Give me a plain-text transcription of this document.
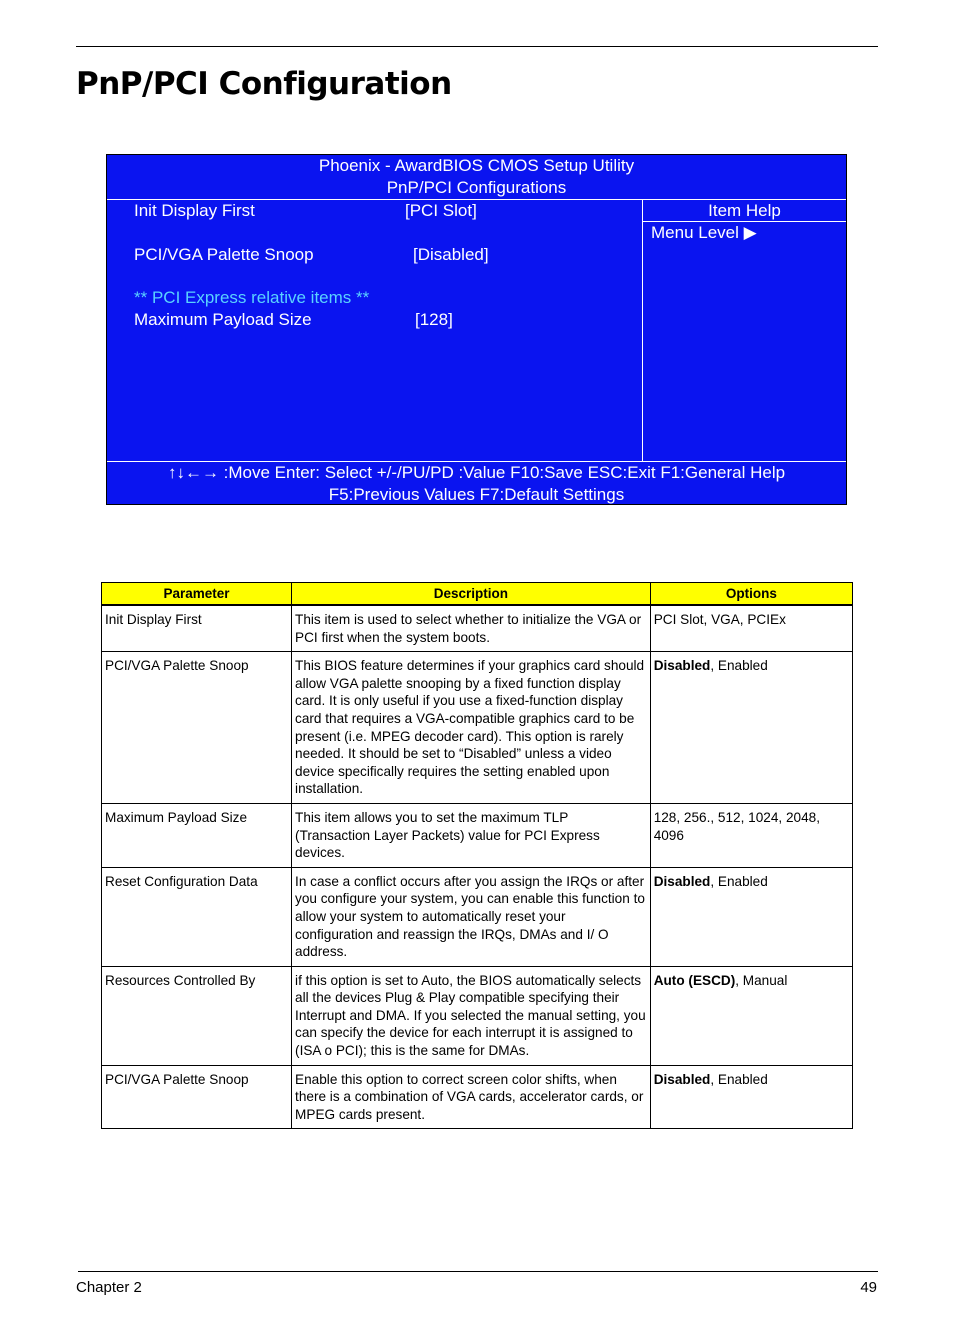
PnP/PCI Configuration
Phoenix - AwardBIOS CMOS Setup Utility
PnP/PCI Configurations
Init Display First	[PCI Slot]
PCI/VGA Palette Snoop	[Disabled]
** PCI Express relative items **
Maximum Payload Size	[128]
Item Help
Menu Level ▶
↑↓←→ :Move Enter: Select +/-/PU/PD :Value F10:Save ESC:Exit F1:General Help
F5:Previous Values F7:Default Settings
Parameter	Description	Options

Init Display First	This item is used to select whether to initialize the VGA or PCI first when the system boots.	PCI Slot, VGA, PCIEx
PCI/VGA Palette Snoop	This BIOS feature determines if your graphics card should allow VGA palette snooping by a fixed function display card. It is only useful if you use a fixed-function display card that requires a VGA-compatible graphics card to be present (i.e. MPEG decoder card). This option is rarely needed. It should be set to “Disabled” unless a video device specifically requires the setting enabled upon installation.	Disabled, Enabled
Maximum Payload Size	This item allows you to set the maximum TLP (Transaction Layer Packets) value for PCI Express devices.	128, 256., 512, 1024, 2048, 4096
Reset Configuration Data	In case a conflict occurs after you assign the IRQs or after you configure your system, you can enable this function to allow your system to automatically reset your configuration and reassign the IRQs, DMAs and I/ O address.	Disabled, Enabled
Resources Controlled By	if this option is set to Auto, the BIOS automatically selects all the devices Plug & Play compatible specifying their Interrupt and DMA. If you selected the manual setting, you can specify the device for each interrupt it is assigned to (ISA o PCI); this is the same for DMAs.	Auto (ESCD), Manual
PCI/VGA Palette Snoop	Enable this option to correct screen color shifts, when there is a combination of VGA cards, accelerator cards, or MPEG cards present.	Disabled, Enabled
Chapter 2	49
